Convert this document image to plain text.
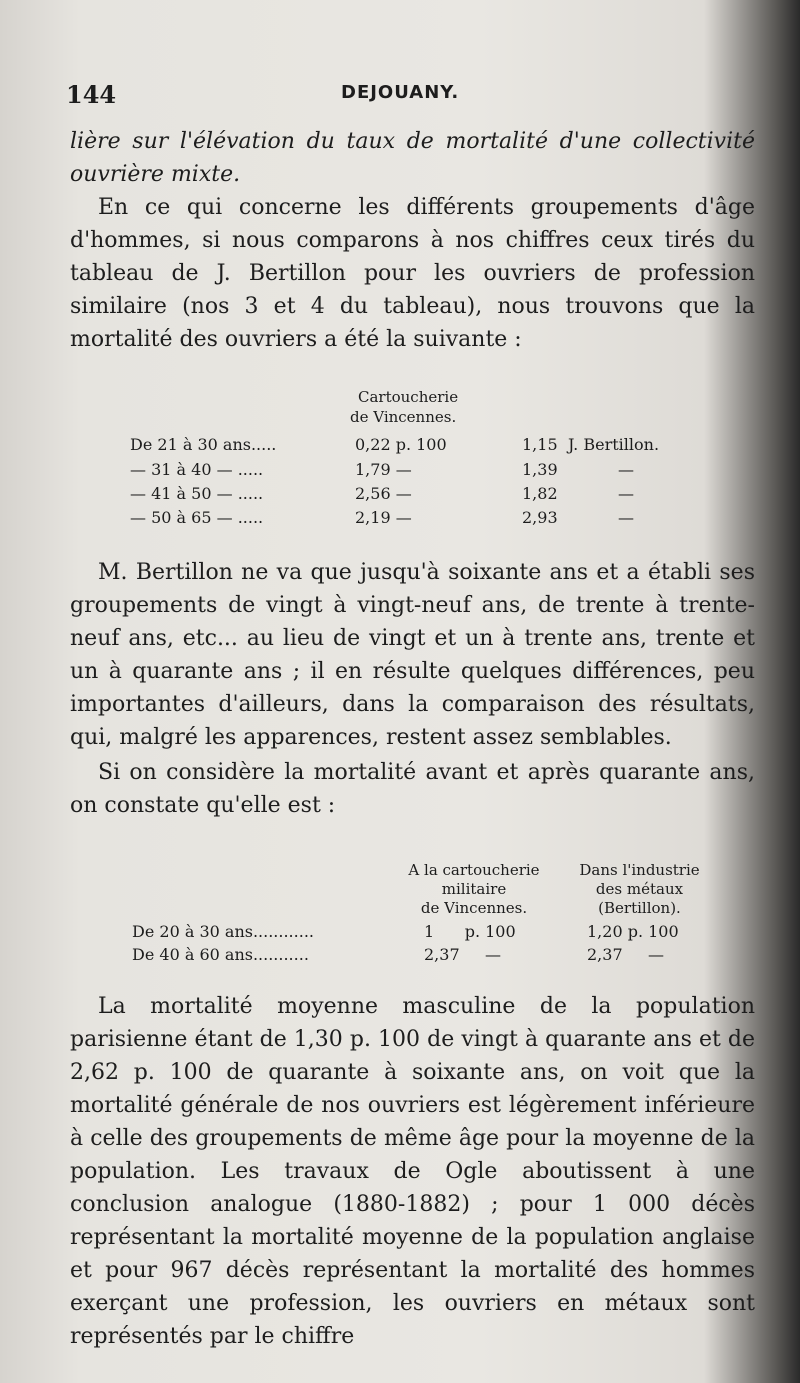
144	DEJOUANY.

lière sur l'élévation du taux de mortalité d'une collectivité ouvrière mixte.

En ce qui concerne les différents groupements d'âge d'hommes, si nous comparons à nos chiffres ceux tirés du tableau de J. Bertillon pour les ouvriers de profession similaire (nos 3 et 4 du tableau), nous trouvons que la mortalité des ouvriers a été la suivante :

Cartoucherie
de Vincennes.
De 21 à 30 ans.....	0,22 p. 100	1,15 J. Bertillon.
— 31 à 40 — .....	1,79 —	1,39	—
— 41 à 50 — .....	2,56 —	1,82	—
— 50 à 65 — .....	2,19 —	2,93	—

M. Bertillon ne va que jusqu'à soixante ans et a établi ses groupements de vingt à vingt-neuf ans, de trente à trente-neuf ans, etc... au lieu de vingt et un à trente ans, trente et un à quarante ans ; il en résulte quelques différences, peu importantes d'ailleurs, dans la comparaison des résultats, qui, malgré les apparences, restent assez semblables.

Si on considère la mortalité avant et après quarante ans, on constate qu'elle est :

A la cartoucherie
militaire
de Vincennes.
Dans l'industrie
des métaux
(Bertillon).
De 20 à 30 ans............	1      p. 100	1,20 p. 100
De 40 à 60 ans...........	2,37     —	2,37     —

La mortalité moyenne masculine de la population parisienne étant de 1,30 p. 100 de vingt à quarante ans et de 2,62 p. 100 de quarante à soixante ans, on voit que la mortalité générale de nos ouvriers est légèrement inférieure à celle des groupements de même âge pour la moyenne de la population. Les travaux de Ogle aboutissent à une conclusion analogue (1880-1882) ; pour 1 000 décès représentant la mortalité moyenne de la population anglaise et pour 967 décès représentant la mortalité des hommes exerçant une profession, les ouvriers en métaux sont représentés par le chiffre
